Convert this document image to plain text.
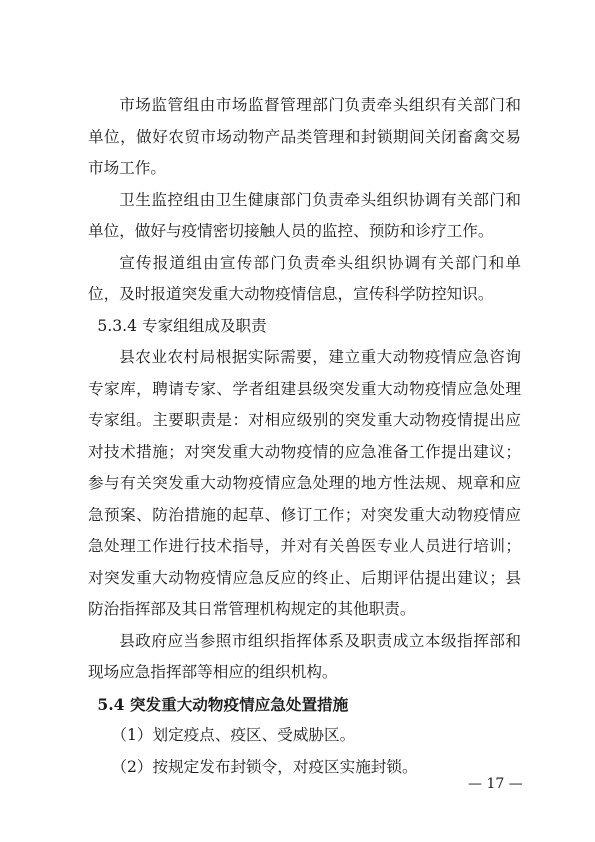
市场监管组由市场监督管理部门负责牵头组织有关部门和单位，做好农贸市场动物产品类管理和封锁期间关闭畜禽交易市场工作。

卫生监控组由卫生健康部门负责牵头组织协调有关部门和单位，做好与疫情密切接触人员的监控、预防和诊疗工作。

宣传报道组由宣传部门负责牵头组织协调有关部门和单位，及时报道突发重大动物疫情信息，宣传科学防控知识。

5.3.4 专家组组成及职责

县农业农村局根据实际需要，建立重大动物疫情应急咨询专家库，聘请专家、学者组建县级突发重大动物疫情应急处理专家组。主要职责是：对相应级别的突发重大动物疫情提出应对技术措施；对突发重大动物疫情的应急准备工作提出建议；参与有关突发重大动物疫情应急处理的地方性法规、规章和应急预案、防治措施的起草、修订工作；对突发重大动物疫情应急处理工作进行技术指导，并对有关兽医专业人员进行培训；对突发重大动物疫情应急反应的终止、后期评估提出建议；县防治指挥部及其日常管理机构规定的其他职责。

县政府应当参照市组织指挥体系及职责成立本级指挥部和现场应急指挥部等相应的组织机构。

5.4 突发重大动物疫情应急处置措施

（1）划定疫点、疫区、受威胁区。

（2）按规定发布封锁令，对疫区实施封锁。

— 17 —
